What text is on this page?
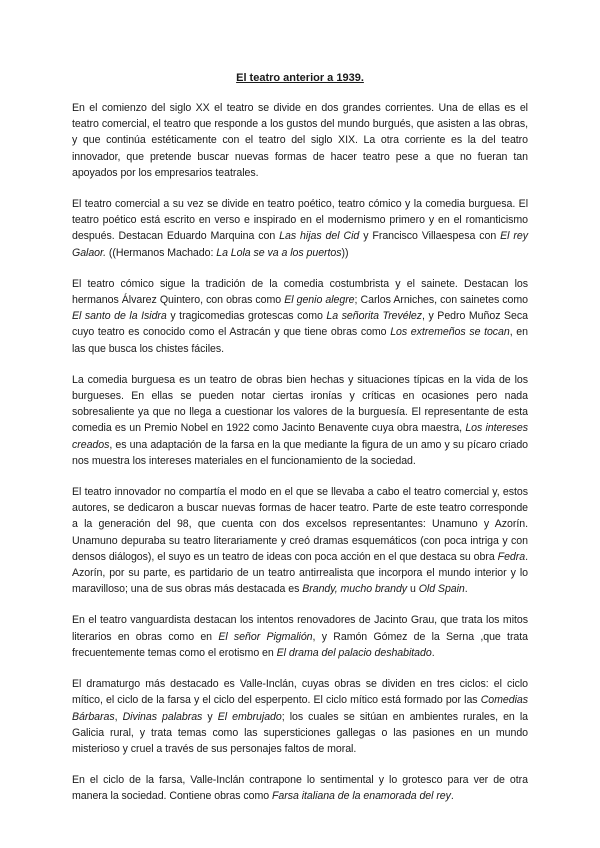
El teatro anterior a 1939.

En el comienzo del siglo XX el teatro se divide en dos grandes corrientes. Una de ellas es el teatro comercial, el teatro que responde a los gustos del mundo burgués, que asisten a las obras, y que continúa estéticamente con el teatro del siglo XIX. La otra corriente es la del teatro innovador, que pretende buscar nuevas formas de hacer teatro pese a que no fueran tan apoyados por los empresarios teatrales.

El teatro comercial a su vez se divide en teatro poético, teatro cómico y la comedia burguesa. El teatro poético está escrito en verso e inspirado en el modernismo primero y en el romanticismo después. Destacan Eduardo Marquina con Las hijas del Cid y Francisco Villaespesa con El rey Galaor. ((Hermanos Machado: La Lola se va a los puertos))

El teatro cómico sigue la tradición de la comedia costumbrista y el sainete. Destacan los hermanos Álvarez Quintero, con obras como El genio alegre; Carlos Arniches, con sainetes como El santo de la Isidra y tragicomedias grotescas como La señorita Trevélez, y Pedro Muñoz Seca cuyo teatro es conocido como el Astracán y que tiene obras como Los extremeños se tocan, en las que busca los chistes fáciles.

La comedia burguesa es un teatro de obras bien hechas y situaciones típicas en la vida de los burgueses. En ellas se pueden notar ciertas ironías y críticas en ocasiones pero nada sobresaliente ya que no llega a cuestionar los valores de la burguesía. El representante de esta comedia es un Premio Nobel en 1922 como Jacinto Benavente cuya obra maestra, Los intereses creados, es una adaptación de la farsa en la que mediante la figura de un amo y su pícaro criado nos muestra los intereses materiales en el funcionamiento de la sociedad.

El teatro innovador no compartía el modo en el que se llevaba a cabo el teatro comercial y, estos autores, se dedicaron a buscar nuevas formas de hacer teatro. Parte de este teatro corresponde a la generación del 98, que cuenta con dos excelsos representantes: Unamuno y Azorín. Unamuno depuraba su teatro literariamente y creó dramas esquemáticos (con poca intriga y con densos diálogos), el suyo es un teatro de ideas con poca acción en el que destaca su obra Fedra. Azorín, por su parte, es partidario de un teatro antirrealista que incorpora el mundo interior y lo maravilloso; una de sus obras más destacada es Brandy, mucho brandy u Old Spain.

En el teatro vanguardista destacan los intentos renovadores de Jacinto Grau, que trata los mitos literarios en obras como en El señor Pigmalión, y Ramón Gómez de la Serna ,que trata frecuentemente temas como el erotismo en El drama del palacio deshabitado.

El dramaturgo más destacado es Valle-Inclán, cuyas obras se dividen en tres ciclos: el ciclo mítico, el ciclo de la farsa y el ciclo del esperpento. El ciclo mítico está formado por las Comedias Bárbaras, Divinas palabras y El embrujado; los cuales se sitúan en ambientes rurales, en la Galicia rural, y trata temas como las supersticiones gallegas o las pasiones en un mundo misterioso y cruel a través de sus personajes faltos de moral.

En el ciclo de la farsa, Valle-Inclán contrapone lo sentimental y lo grotesco para ver de otra manera la sociedad. Contiene obras como Farsa italiana de la enamorada del rey.
